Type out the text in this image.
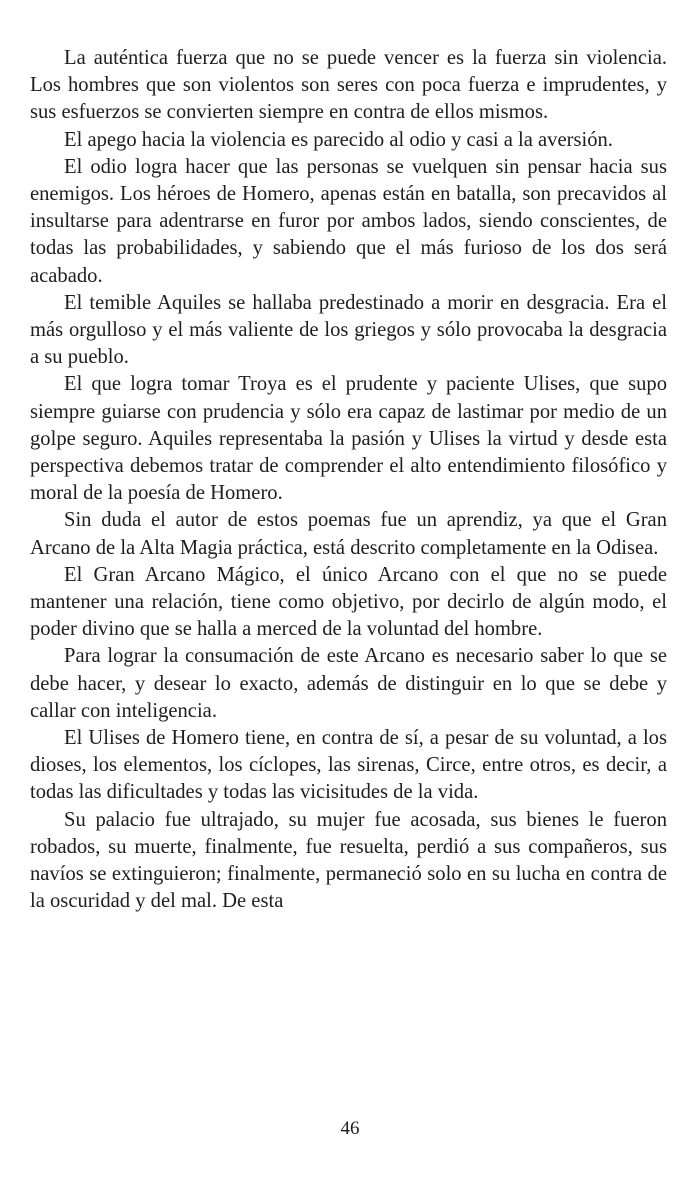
La auténtica fuerza que no se puede vencer es la fuerza sin violencia. Los hombres que son violentos son seres con poca fuerza e imprudentes, y sus esfuerzos se convierten siempre en contra de ellos mismos.

El apego hacia la violencia es parecido al odio y casi a la aversión.

El odio logra hacer que las personas se vuelquen sin pensar hacia sus enemigos. Los héroes de Homero, apenas están en batalla, son precavidos al insultarse para adentrarse en furor por ambos lados, siendo conscientes, de todas las probabilidades, y sabiendo que el más furioso de los dos será acabado.

El temible Aquiles se hallaba predestinado a morir en desgracia. Era el más orgulloso y el más valiente de los griegos y sólo provocaba la desgracia a su pueblo.

El que logra tomar Troya es el prudente y paciente Ulises, que supo siempre guiarse con prudencia y sólo era capaz de lastimar por medio de un golpe seguro. Aquiles representaba la pasión y Ulises la virtud y desde esta perspectiva debemos tratar de comprender el alto entendimiento filosófico y moral de la poesía de Homero.

Sin duda el autor de estos poemas fue un aprendiz, ya que el Gran Arcano de la Alta Magia práctica, está descrito completamente en la Odisea.

El Gran Arcano Mágico, el único Arcano con el que no se puede mantener una relación, tiene como objetivo, por decirlo de algún modo, el poder divino que se halla a merced de la voluntad del hombre.

Para lograr la consumación de este Arcano es necesario saber lo que se debe hacer, y desear lo exacto, además de distinguir en lo que se debe y callar con inteligencia.

El Ulises de Homero tiene, en contra de sí, a pesar de su voluntad, a los dioses, los elementos, los cíclopes, las sirenas, Circe, entre otros, es decir, a todas las dificultades y todas las vicisitudes de la vida.

Su palacio fue ultrajado, su mujer fue acosada, sus bienes le fueron robados, su muerte, finalmente, fue resuelta, perdió a sus compañeros, sus navíos se extinguieron; finalmente, permaneció solo en su lucha en contra de la oscuridad y del mal. De esta

46
